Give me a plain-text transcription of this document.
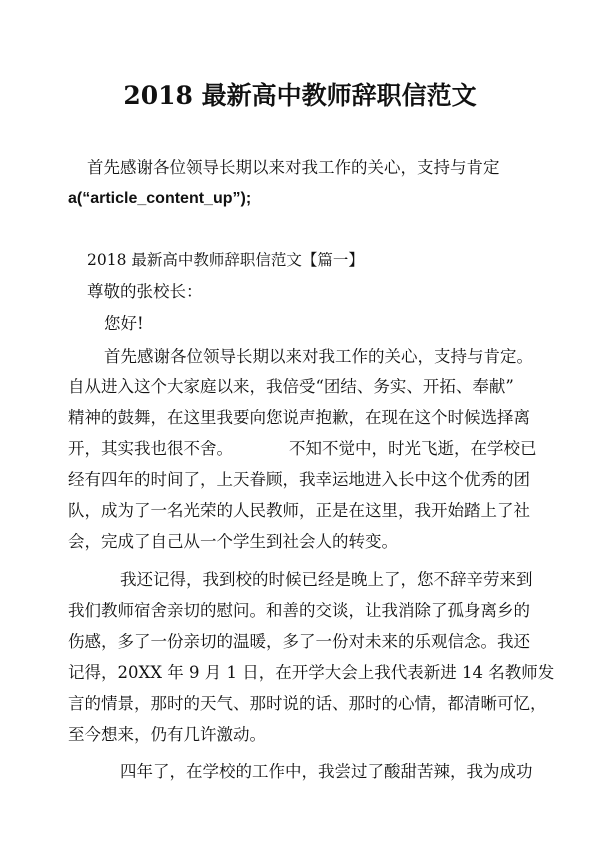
2018 最新高中教师辞职信范文
首先感谢各位领导长期以来对我工作的关心，支持与肯定
a(“article_content_up”);
2018 最新高中教师辞职信范文【篇一】
尊敬的张校长：
您好!
首先感谢各位领导长期以来对我工作的关心，支持与肯定。
自从进入这个大家庭以来，我倍受“团结、务实、开拓、奉献”
精神的鼓舞，在这里我要向您说声抱歉，在现在这个时候选择离
开，其实我也很不舍。	不知不觉中，时光飞逝，在学校已
经有四年的时间了，上天眷顾，我幸运地进入长中这个优秀的团
队，成为了一名光荣的人民教师，正是在这里，我开始踏上了社
会，完成了自己从一个学生到社会人的转变。
我还记得，我到校的时候已经是晚上了，您不辞辛劳来到
我们教师宿舍亲切的慰问。和善的交谈，让我消除了孤身离乡的
伤感，多了一份亲切的温暖，多了一份对未来的乐观信念。我还
记得，20XX 年 9 月 1 日，在开学大会上我代表新进 14 名教师发
言的情景，那时的天气、那时说的话、那时的心情，都清晰可忆，
至今想来，仍有几许激动。
四年了，在学校的工作中，我尝过了酸甜苦辣，我为成功
